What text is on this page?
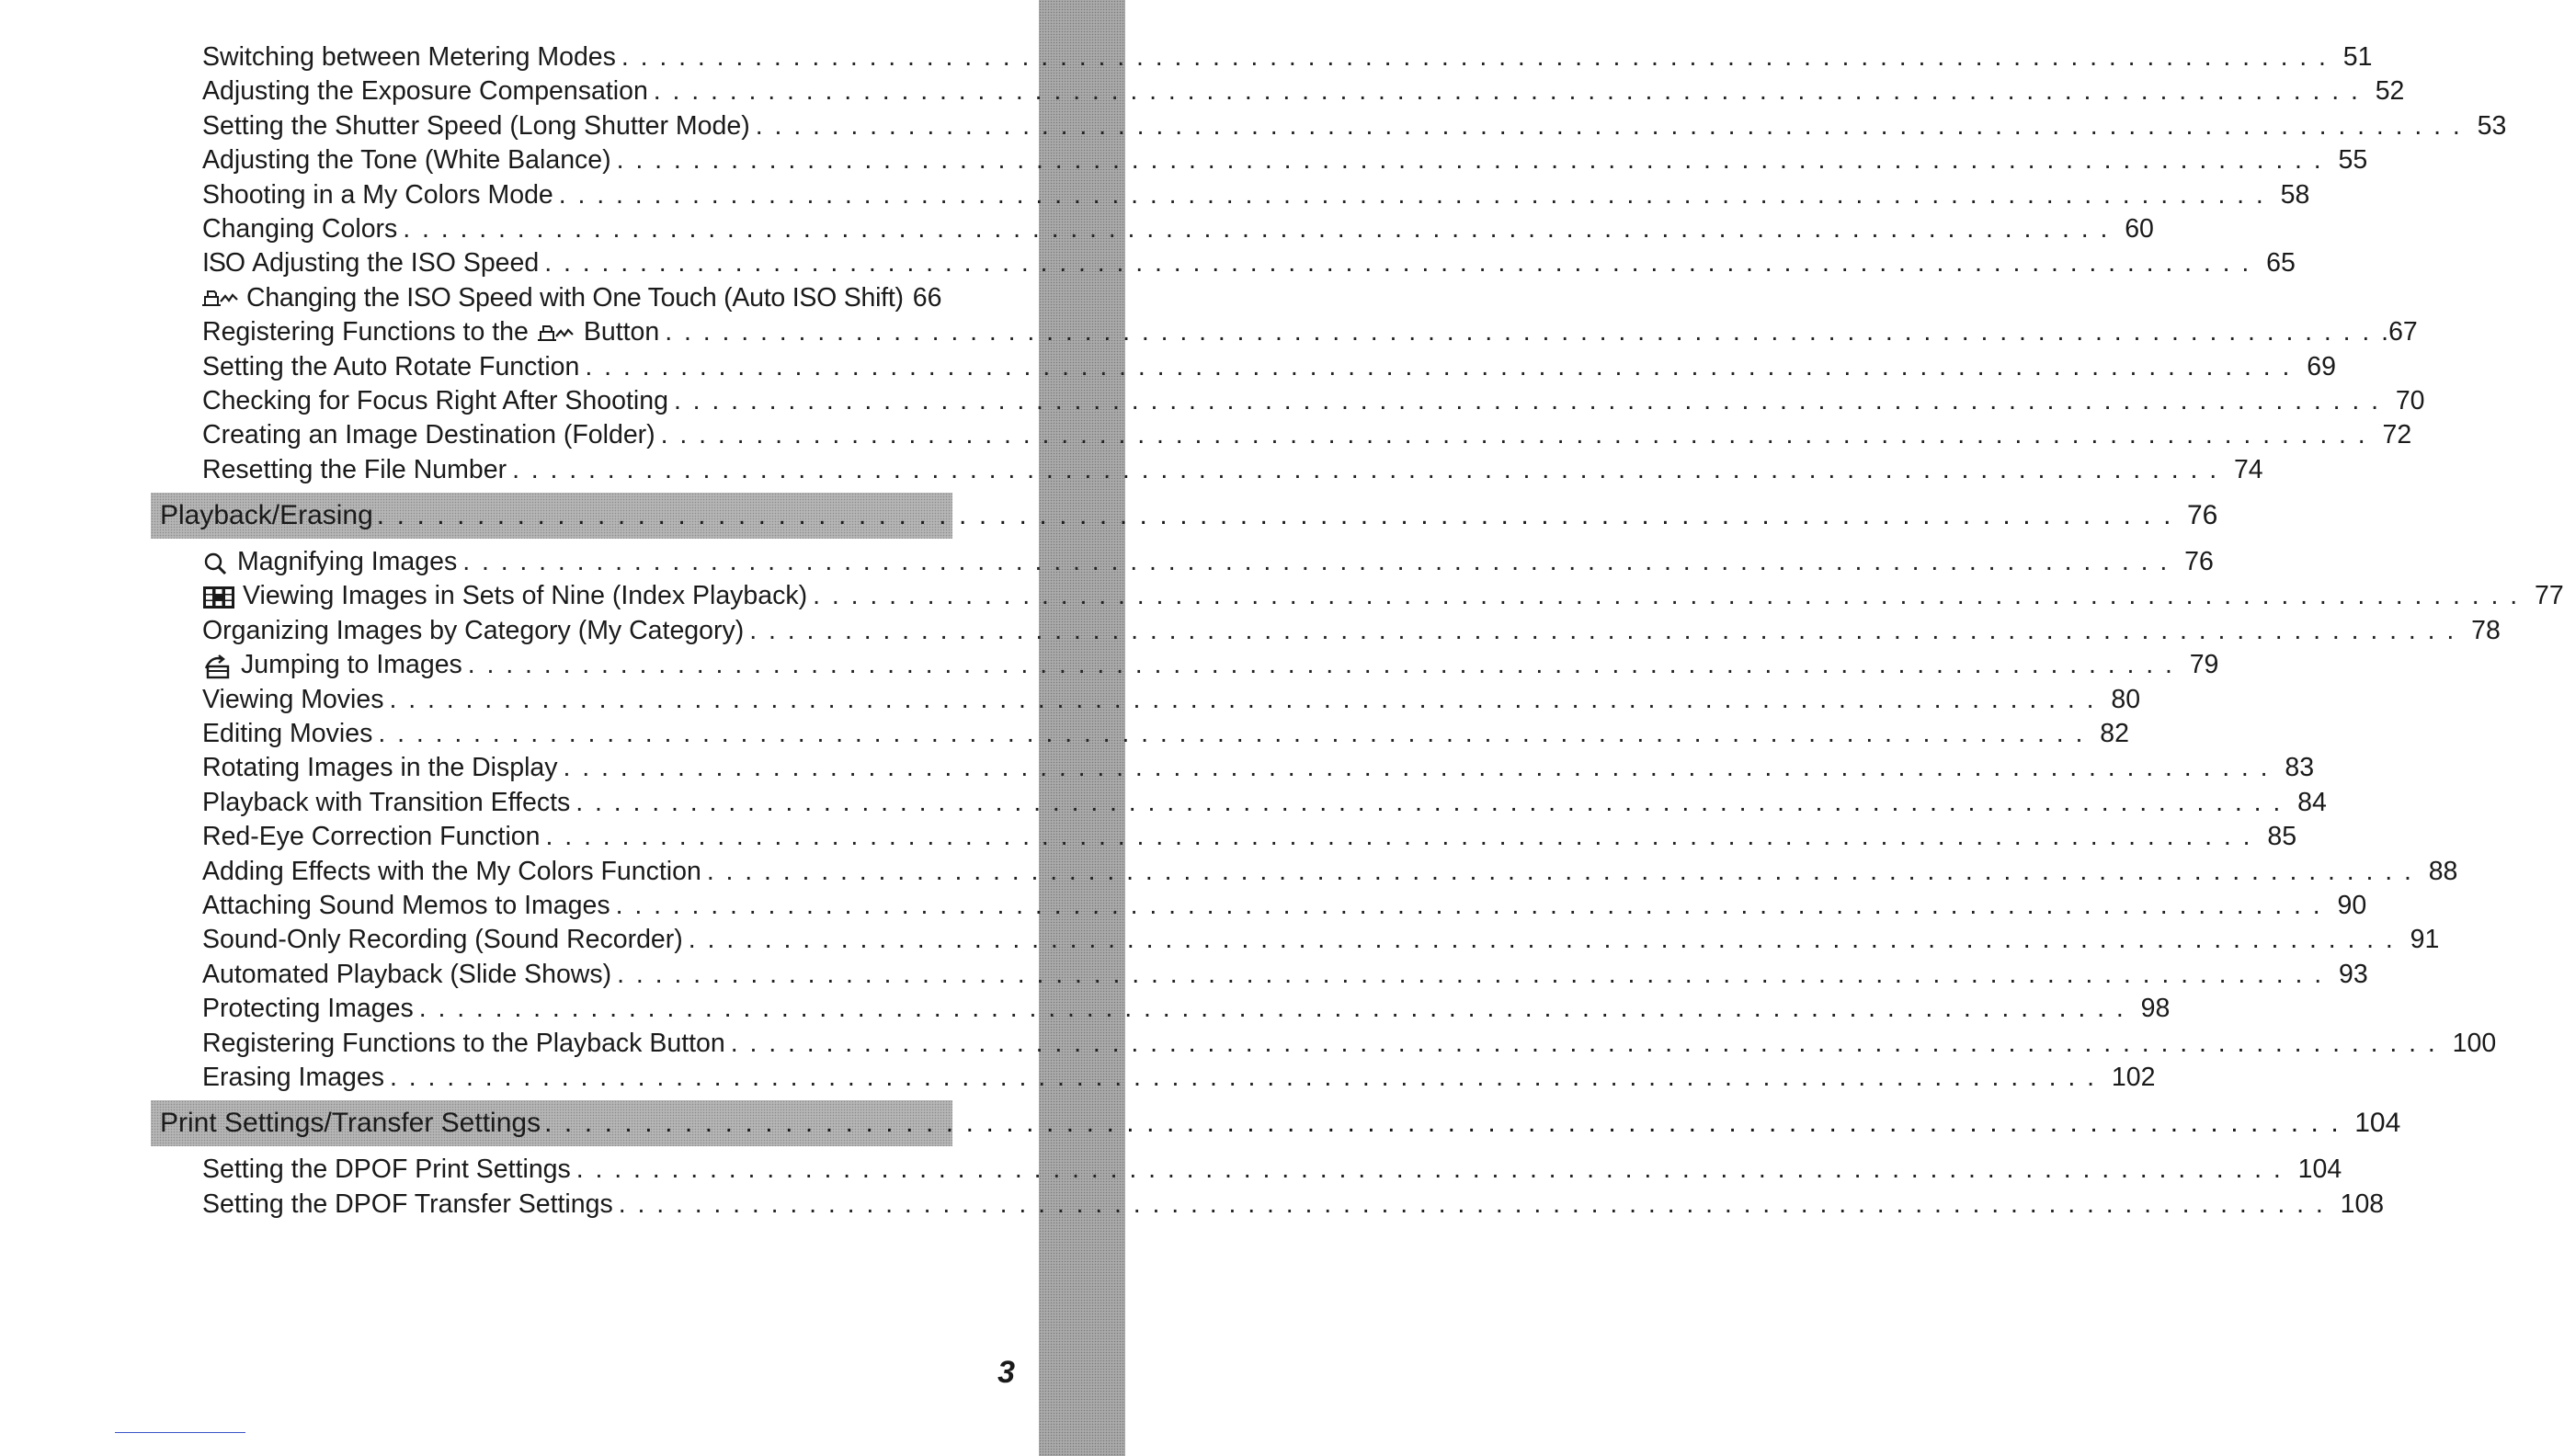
Switching between Metering Modes .......................................................................................... 51
Adjusting the Exposure Compensation .......................................................................................... 52
Setting the Shutter Speed (Long Shutter Mode) .......................................................................................... 53
Adjusting the Tone (White Balance) .......................................................................................... 55
Shooting in a My Colors Mode .......................................................................................... 58
Changing Colors .......................................................................................... 60
ISO Adjusting the ISO Speed .......................................................................................... 65
Changing the ISO Speed with One Touch (Auto ISO Shift) 66
Registering Functions to the Button .......................................................................................... .67
Setting the Auto Rotate Function .......................................................................................... 69
Checking for Focus Right After Shooting .......................................................................................... 70
Creating an Image Destination (Folder) .......................................................................................... 72
Resetting the File Number .......................................................................................... 74
Playback/Erasing .......................................................................................... 76
Magnifying Images .......................................................................................... 76
Viewing Images in Sets of Nine (Index Playback) .......................................................................................... 77
Organizing Images by Category (My Category) .......................................................................................... 78
Jumping to Images .......................................................................................... 79
Viewing Movies .......................................................................................... 80
Editing Movies .......................................................................................... 82
Rotating Images in the Display .......................................................................................... 83
Playback with Transition Effects .......................................................................................... 84
Red-Eye Correction Function .......................................................................................... 85
Adding Effects with the My Colors Function .......................................................................................... 88
Attaching Sound Memos to Images .......................................................................................... 90
Sound-Only Recording (Sound Recorder) .......................................................................................... 91
Automated Playback (Slide Shows) .......................................................................................... 93
Protecting Images .......................................................................................... 98
Registering Functions to the Playback Button .......................................................................................... 100
Erasing Images .......................................................................................... 102
Print Settings/Transfer Settings .......................................................................................... 104
Setting the DPOF Print Settings .......................................................................................... 104
Setting the DPOF Transfer Settings .......................................................................................... 108
3
